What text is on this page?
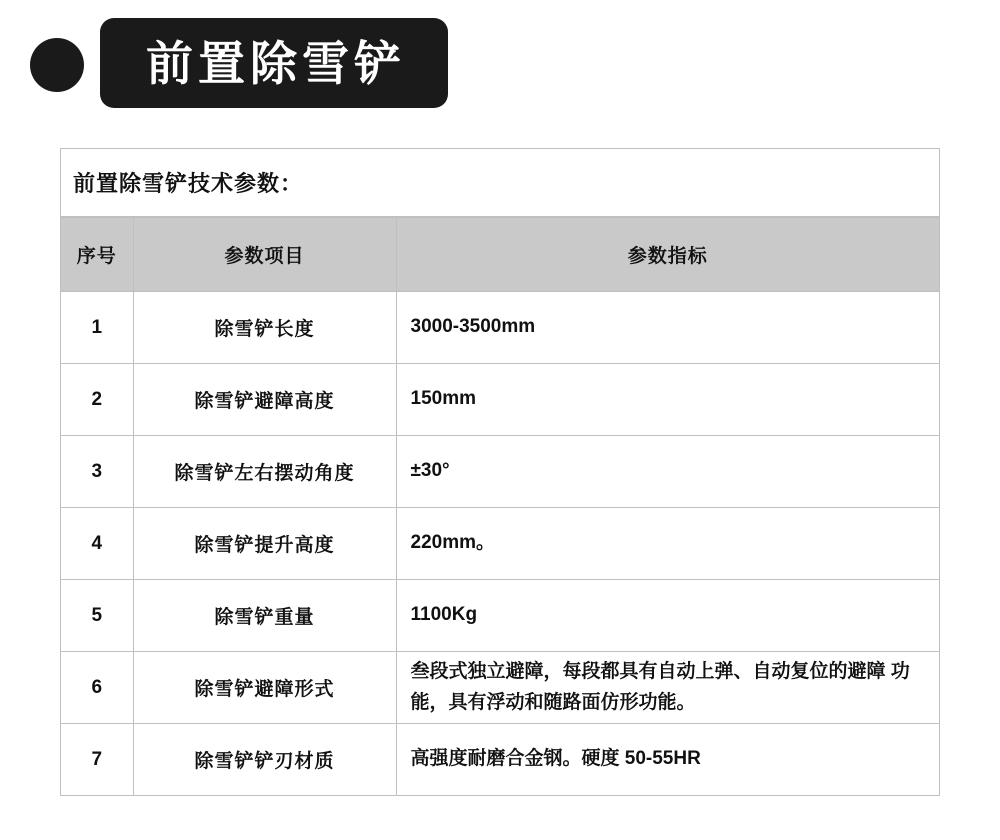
前置除雪铲
前置除雪铲技术参数：
序号	参数项目	参数指标
1	除雪铲长度	3000-3500mm
2	除雪铲避障高度	150mm
3	除雪铲左右摆动角度	±30°
4	除雪铲提升高度	220mm。
5	除雪铲重量	1100Kg
6	除雪铲避障形式	叁段式独立避障，每段都具有自动上弹、自动复位的避障 功能，具有浮动和随路面仿形功能。
7	除雪铲铲刃材质	高强度耐磨合金钢。硬度 50-55HR
